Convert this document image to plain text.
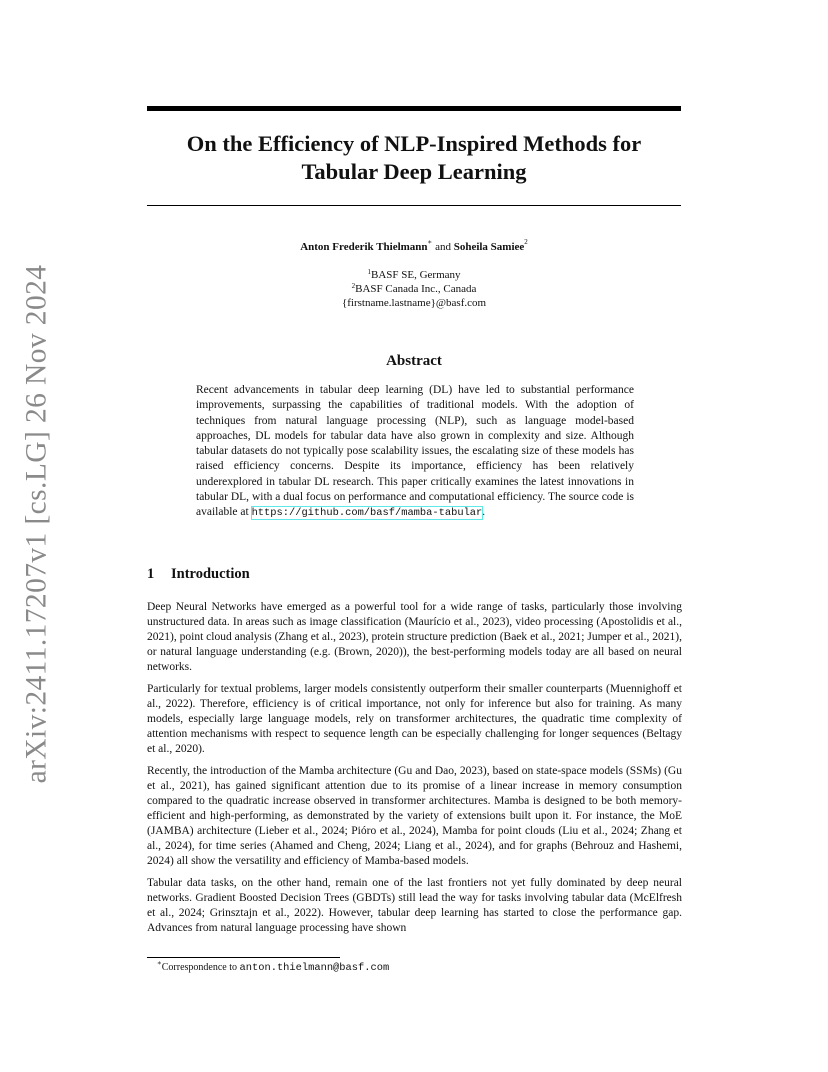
arXiv:2411.17207v1 [cs.LG] 26 Nov 2024
On the Efficiency of NLP-Inspired Methods for Tabular Deep Learning
Anton Frederik Thielmann∗ and Soheila Samiee$^2$
$^1$BASF SE, Germany
$^2$BASF Canada Inc., Canada
{firstname.lastname}@basf.com
Abstract
Recent advancements in tabular deep learning (DL) have led to substantial performance improvements, surpassing the capabilities of traditional models. With the adoption of techniques from natural language processing (NLP), such as language model-based approaches, DL models for tabular data have also grown in complexity and size. Although tabular datasets do not typically pose scalability issues, the escalating size of these models has raised efficiency concerns. Despite its importance, efficiency has been relatively underexplored in tabular DL research. This paper critically examines the latest innovations in tabular DL, with a dual focus on performance and computational efficiency. The source code is available at https://github.com/basf/mamba-tabular.
1 Introduction

Deep Neural Networks have emerged as a powerful tool for a wide range of tasks, particularly those involving unstructured data. In areas such as image classification (Maurício et al., 2023), video processing (Apostolidis et al., 2021), point cloud analysis (Zhang et al., 2023), protein structure prediction (Baek et al., 2021; Jumper et al., 2021), or natural language understanding (e.g. (Brown, 2020)), the best-performing models today are all based on neural networks.

Particularly for textual problems, larger models consistently outperform their smaller counterparts (Muennighoff et al., 2022). Therefore, efficiency is of critical importance, not only for inference but also for training. As many models, especially large language models, rely on transformer architectures, the quadratic time complexity of attention mechanisms with respect to sequence length can be especially challenging for longer sequences (Beltagy et al., 2020).

Recently, the introduction of the Mamba architecture (Gu and Dao, 2023), based on state-space models (SSMs) (Gu et al., 2021), has gained significant attention due to its promise of a linear increase in memory consumption compared to the quadratic increase observed in transformer architectures. Mamba is designed to be both memory-efficient and high-performing, as demonstrated by the variety of extensions built upon it. For instance, the MoE (JAMBA) architecture (Lieber et al., 2024; Pióro et al., 2024), Mamba for point clouds (Liu et al., 2024; Zhang et al., 2024), for time series (Ahamed and Cheng, 2024; Liang et al., 2024), and for graphs (Behrouz and Hashemi, 2024) all show the versatility and efficiency of Mamba-based models.

Tabular data tasks, on the other hand, remain one of the last frontiers not yet fully dominated by deep neural networks. Gradient Boosted Decision Trees (GBDTs) still lead the way for tasks involving tabular data (McElfresh et al., 2024; Grinsztajn et al., 2022). However, tabular deep learning has started to close the performance gap. Advances from natural language processing have shown

∗Correspondence to anton.thielmann@basf.com
